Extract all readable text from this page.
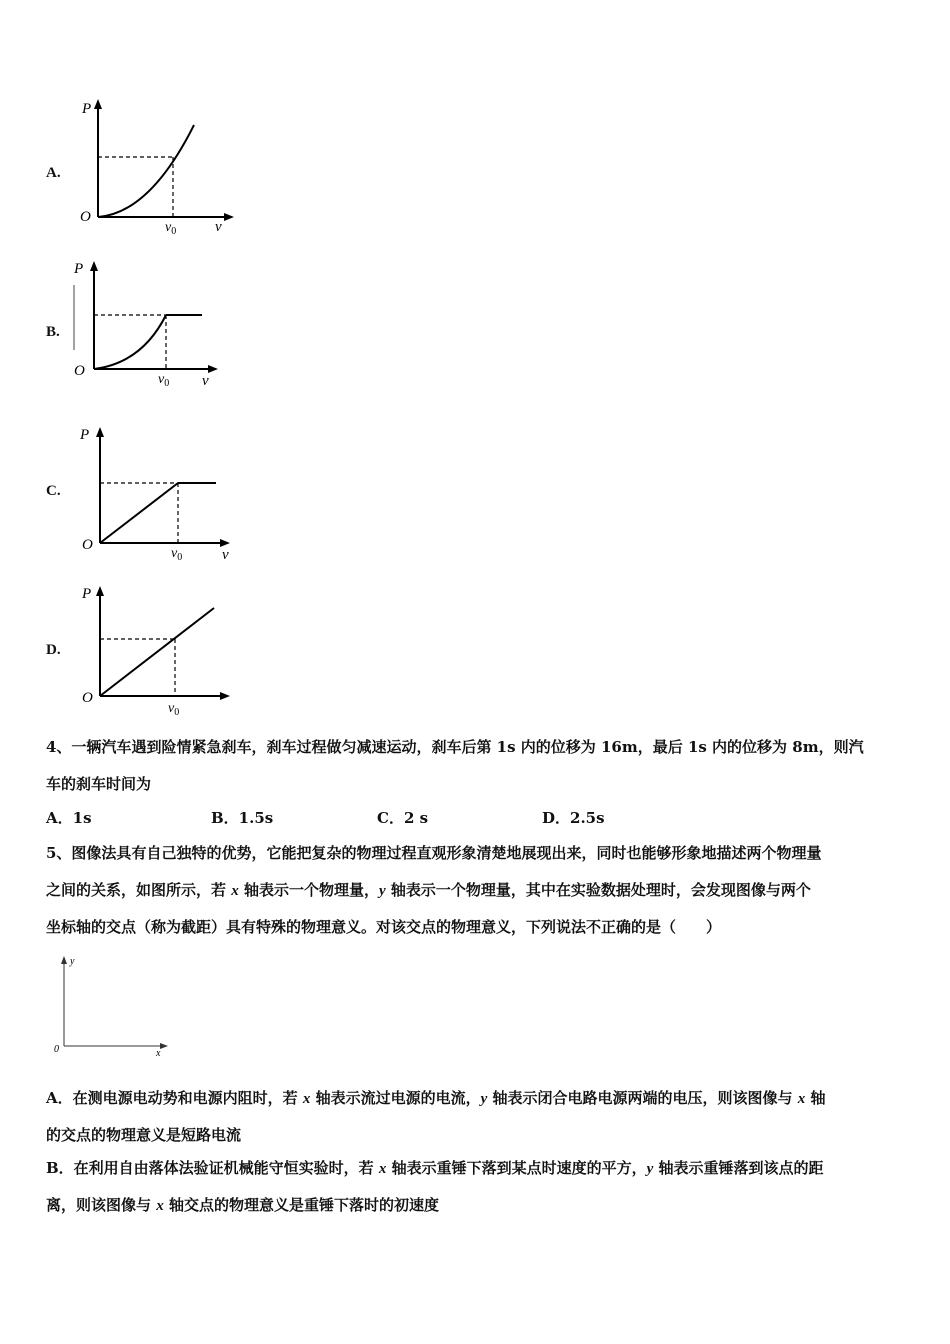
A.
P
O
$v_0$	v
B.
P
O
$v_0$ v
C.
P
O
$v_0$	v
D.
P
O
$v_0$
4、一辆汽车遇到险情紧急刹车，刹车过程做匀减速运动，刹车后第 1s 内的位移为 16m，最后 1s 内的位移为 8m，则汽
车的刹车时间为
A．1s	B．1.5s	C．2 s	D．2.5s
5、图像法具有自己独特的优势，它能把复杂的物理过程直观形象清楚地展现出来，同时也能够形象地描述两个物理量
之间的关系，如图所示，若 x 轴表示一个物理量，y 轴表示一个物理量，其中在实验数据处理时，会发现图像与两个
坐标轴的交点（称为截距）具有特殊的物理意义。对该交点的物理意义，下列说法不正确的是（　　）
y
x
0
A．在测电源电动势和电源内阻时，若 x 轴表示流过电源的电流，y 轴表示闭合电路电源两端的电压，则该图像与 x 轴
的交点的物理意义是短路电流
B．在利用自由落体法验证机械能守恒实验时，若 x 轴表示重锤下落到某点时速度的平方，y 轴表示重锤落到该点的距
离，则该图像与 x 轴交点的物理意义是重锤下落时的初速度
